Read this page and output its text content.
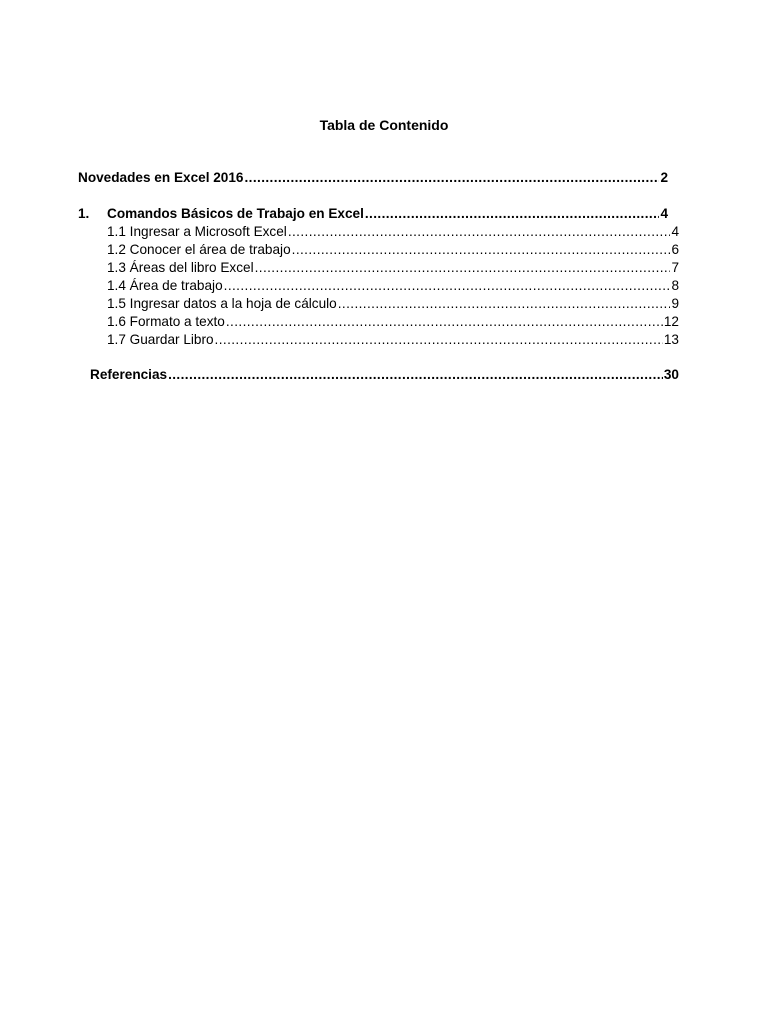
Tabla de Contenido
Novedades en Excel 2016 .....	2
1.	Comandos Básicos de Trabajo en Excel .....	4
1.1 Ingresar a Microsoft Excel .....	4
1.2 Conocer el área de trabajo .....	6
1.3 Áreas del libro Excel .....	7
1.4 Área de trabajo .....	8
1.5 Ingresar datos a la hoja de cálculo .....	9
1.6 Formato a texto .....	12
1.7 Guardar Libro .....	13
Referencias .....	30
